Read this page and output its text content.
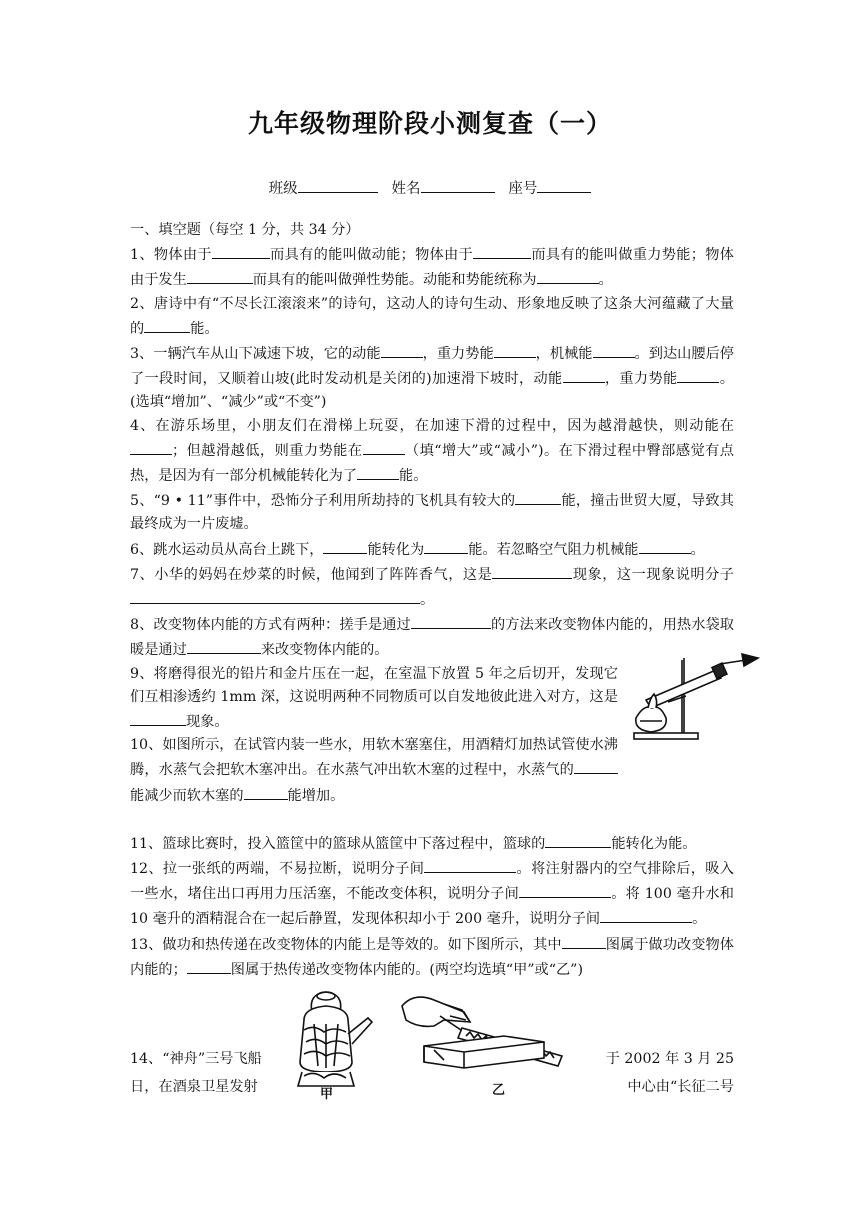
九年级物理阶段小测复查（一）
班级	姓名	座号

一、填空题（每空 1 分，共 34 分）

1、物体由于	而具有的能叫做动能；物体由于	而具有的能叫做重力势能；物体由于发生	而具有的能叫做弹性势能。动能和势能统称为	。

2、唐诗中有“不尽长江滚滚来”的诗句，这动人的诗句生动、形象地反映了这条大河蕴藏了大量的	能。

3、一辆汽车从山下减速下坡，它的动能	，重力势能	，机械能	。到达山腰后停了一段时间，又顺着山坡(此时发动机是关闭的)加速滑下坡时，动能	，重力势能	。(选填“增加”、“减少”或“不变”)

4、在游乐场里，小朋友们在滑梯上玩耍，在加速下滑的过程中，因为越滑越快，则动能在；但越滑越低，则重力势能在	（填“增大”或“减小”)。在下滑过程中臀部感觉有点热，是因为有一部分机械能转化为了	能。

5、“9 • 11”事件中，恐怖分子利用所劫持的飞机具有较大的	能，撞击世贸大厦，导致其最终成为一片废墟。

6、跳水运动员从高台上跳下，	能转化为	能。若忽略空气阻力机械能	。

7、小华的妈妈在炒菜的时候，他闻到了阵阵香气，这是	现象，这一现象说明分子。

8、改变物体内能的方式有两种：搓手是通过	的方法来改变物体内能的，用热水袋取暖是通过	来改变物体内能的。

9、将磨得很光的铅片和金片压在一起，在室温下放置 5 年之后切开，发现它们互相渗透约 1mm 深，这说明两种不同物质可以自发地彼此进入对方，这是现象。

10、如图所示，在试管内装一些水，用软木塞塞住，用酒精灯加热试管使水沸腾，水蒸气会把软木塞冲出。在水蒸气冲出软木塞的过程中，水蒸气的能减少而软木塞的	能增加。

11、篮球比赛时，投入篮筐中的篮球从篮筐中下落过程中，篮球的	能转化为能。

12、拉一张纸的两端，不易拉断，说明分子间	。将注射器内的空气排除后，吸入一些水，堵住出口再用力压活塞，不能改变体积，说明分子间	。将 100 毫升水和 10 毫升的酒精混合在一起后静置，发现体积却小于 200 毫升，说明分子间	。

13、做功和热传递在改变物体的内能上是等效的。如下图所示，其中	图属于做功改变物体内能的；	图属于热传递改变物体内能的。(两空均选填“甲”或“乙”)

甲	乙
14、“神舟”三号飞船	于 2002 年 3 月 25
日，在酒泉卫星发射	中心由“长征二号
